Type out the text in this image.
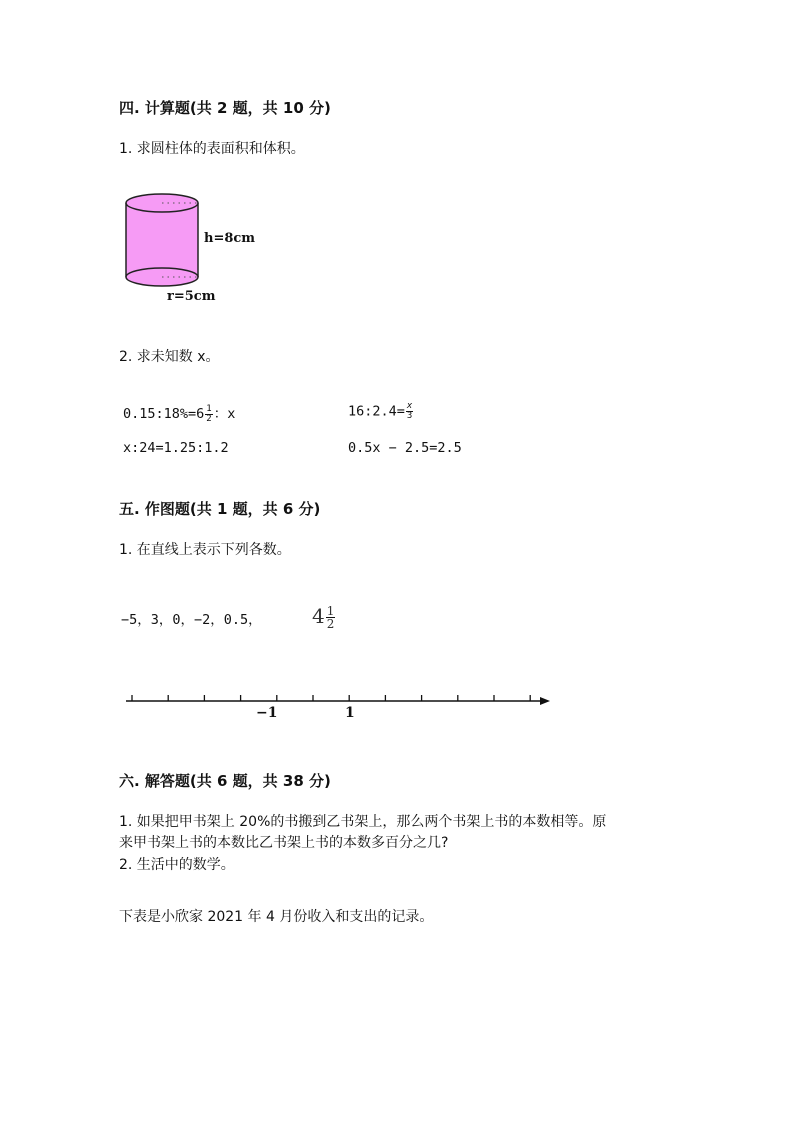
四. 计算题(共 2 题，共 10 分)
1. 求圆柱体的表面积和体积。
h=8cm
r=5cm
2. 求未知数 x。
0.15:18%=6 $\frac{1}{2}$ ：x	16:2.4= $\frac{x}{3}$
x:24=1.25:1.2	0.5x − 2.5=2.5
五. 作图题(共 1 题，共 6 分)
1. 在直线上表示下列各数。
−5，3，0，−2，0.5，	$4 \frac{1}{2}$
−1	1
六. 解答题(共 6 题，共 38 分)
1. 如果把甲书架上 20%的书搬到乙书架上，那么两个书架上书的本数相等。原
来甲书架上书的本数比乙书架上书的本数多百分之几?
2. 生活中的数学。
下表是小欣家 2021 年 4 月份收入和支出的记录。
